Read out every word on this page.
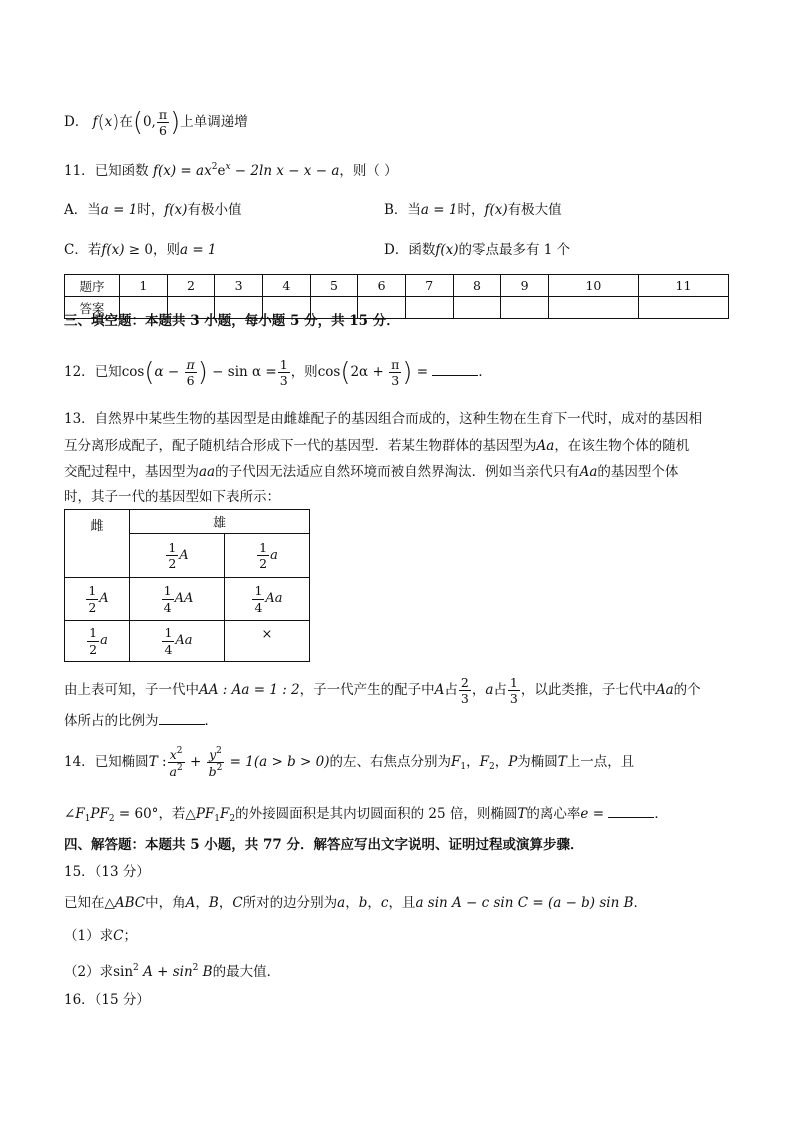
D． f(x)在(0, $\frac{\pi}{6}$ )上单调递增
11．已知函数 $f(x) = ax^2e^x - 2\ln$ x − x − a，则（ ）
A．当a = 1时，f(x)有极小值	B．当a = 1时，f(x)有极大值
C．若f(x) ≥ 0，则a = 1	D．函数f(x)的零点最多有 1 个
题序	1	2	3	4	5	6	7	8	9	10	11
答案											
三、填空题：本题共 3 小题，每小题 5 分，共 15 分．
12．已知$\cos(\alpha - \frac{\pi}{6}$ ) − $\sin \alpha = \frac{1}{3}$ ，则$\cos(2\alpha + \frac{\pi}{3}$ ) =	．
13．自然界中某些生物的基因型是由雌雄配子的基因组合而成的，这种生物在生育下一代时，成对的基因相
互分离形成配子，配子随机结合形成下一代的基因型．若某生物群体的基因型为Aa，在该生物个体的随机
交配过程中，基因型为aa的子代因无法适应自然环境而被自然界淘汰．例如当亲代只有Aa的基因型个体
时，其子一代的基因型如下表所示：
雌	雄	

	$\frac{1}{2}$ A	$\frac{1}{2}$ a

$\frac{1}{2}$ A	$\frac{1}{4}$ AA	$\frac{1}{4}$ Aa

$\frac{1}{2}$ a	$\frac{1}{4}$ Aa	×
由上表可知，子一代中AA : Aa = 1 : 2，子一代产生的配子中A占 $\frac{2}{3}$ ，a占 $\frac{1}{3}$ ，以此类推，子七代中Aa的个
体所占的比例为	．
14．已知椭圆T : $\frac{x^2}{a^2} + \frac{y^2}{b^2} = 1(a > b > 0)$的左、右焦点分别为$F_1$，$F_2$，P为椭圆T上一点，且
$\angle F_1PF_2 = 60^\circ$，若$\triangle PF_1F_2$的外接圆面积是其内切圆面积的 25 倍，则椭圆T的离心率e =	．
四、解答题：本题共 5 小题，共 77 分．解答应写出文字说明、证明过程或演算步骤．
15．（13 分）
已知在△ABC中，角A，B，C所对的边分别为a，b，c，且a sin A − c sin C = (a − b) sin B．
（1）求C；
（2）求$\sin^2 A + \sin^2 B$的最大值．
16．（15 分）
